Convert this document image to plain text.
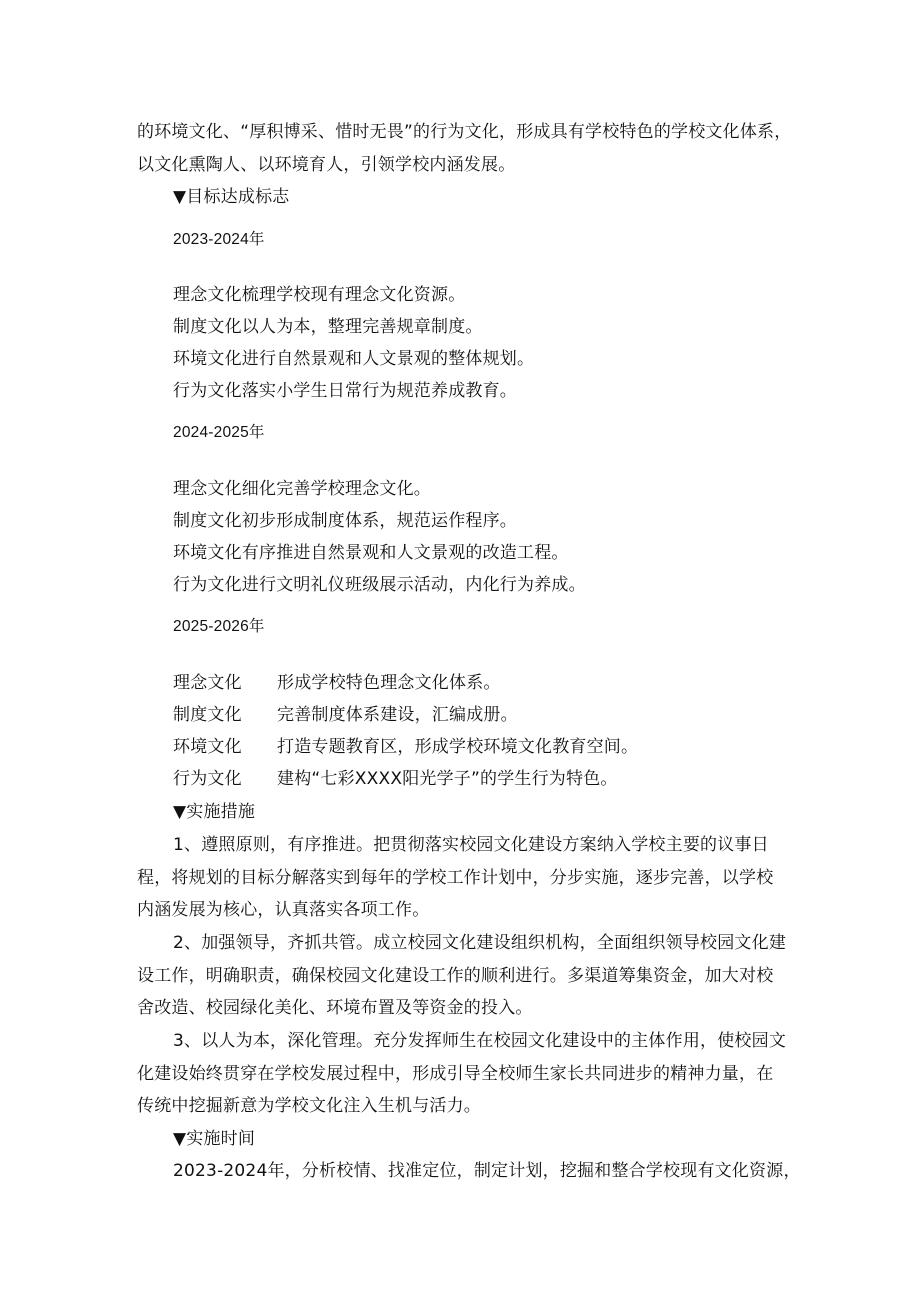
的环境文化、“厚积博采、惜时无畏”的行为文化，形成具有学校特色的学校文化体系，
以文化熏陶人、以环境育人，引领学校内涵发展。
▼目标达成标志
2023-2024年
理念文化梳理学校现有理念文化资源。
制度文化以人为本，整理完善规章制度。
环境文化进行自然景观和人文景观的整体规划。
行为文化落实小学生日常行为规范养成教育。
2024-2025年
理念文化细化完善学校理念文化。
制度文化初步形成制度体系，规范运作程序。
环境文化有序推进自然景观和人文景观的改造工程。
行为文化进行文明礼仪班级展示活动，内化行为养成。
2025-2026年
理念文化 形成学校特色理念文化体系。
制度文化 完善制度体系建设，汇编成册。
环境文化 打造专题教育区，形成学校环境文化教育空间。
行为文化 建构“七彩XXXX阳光学子”的学生行为特色。
▼实施措施
1、遵照原则，有序推进。把贯彻落实校园文化建设方案纳入学校主要的议事日
程，将规划的目标分解落实到每年的学校工作计划中，分步实施，逐步完善，以学校
内涵发展为核心，认真落实各项工作。
2、加强领导，齐抓共管。成立校园文化建设组织机构，全面组织领导校园文化建
设工作，明确职责，确保校园文化建设工作的顺利进行。多渠道筹集资金，加大对校
舍改造、校园绿化美化、环境布置及等资金的投入。
3、以人为本，深化管理。充分发挥师生在校园文化建设中的主体作用，使校园文
化建设始终贯穿在学校发展过程中，形成引导全校师生家长共同进步的精神力量，在
传统中挖掘新意为学校文化注入生机与活力。
▼实施时间
2023-2024年，分析校情、找准定位，制定计划，挖掘和整合学校现有文化资源，
